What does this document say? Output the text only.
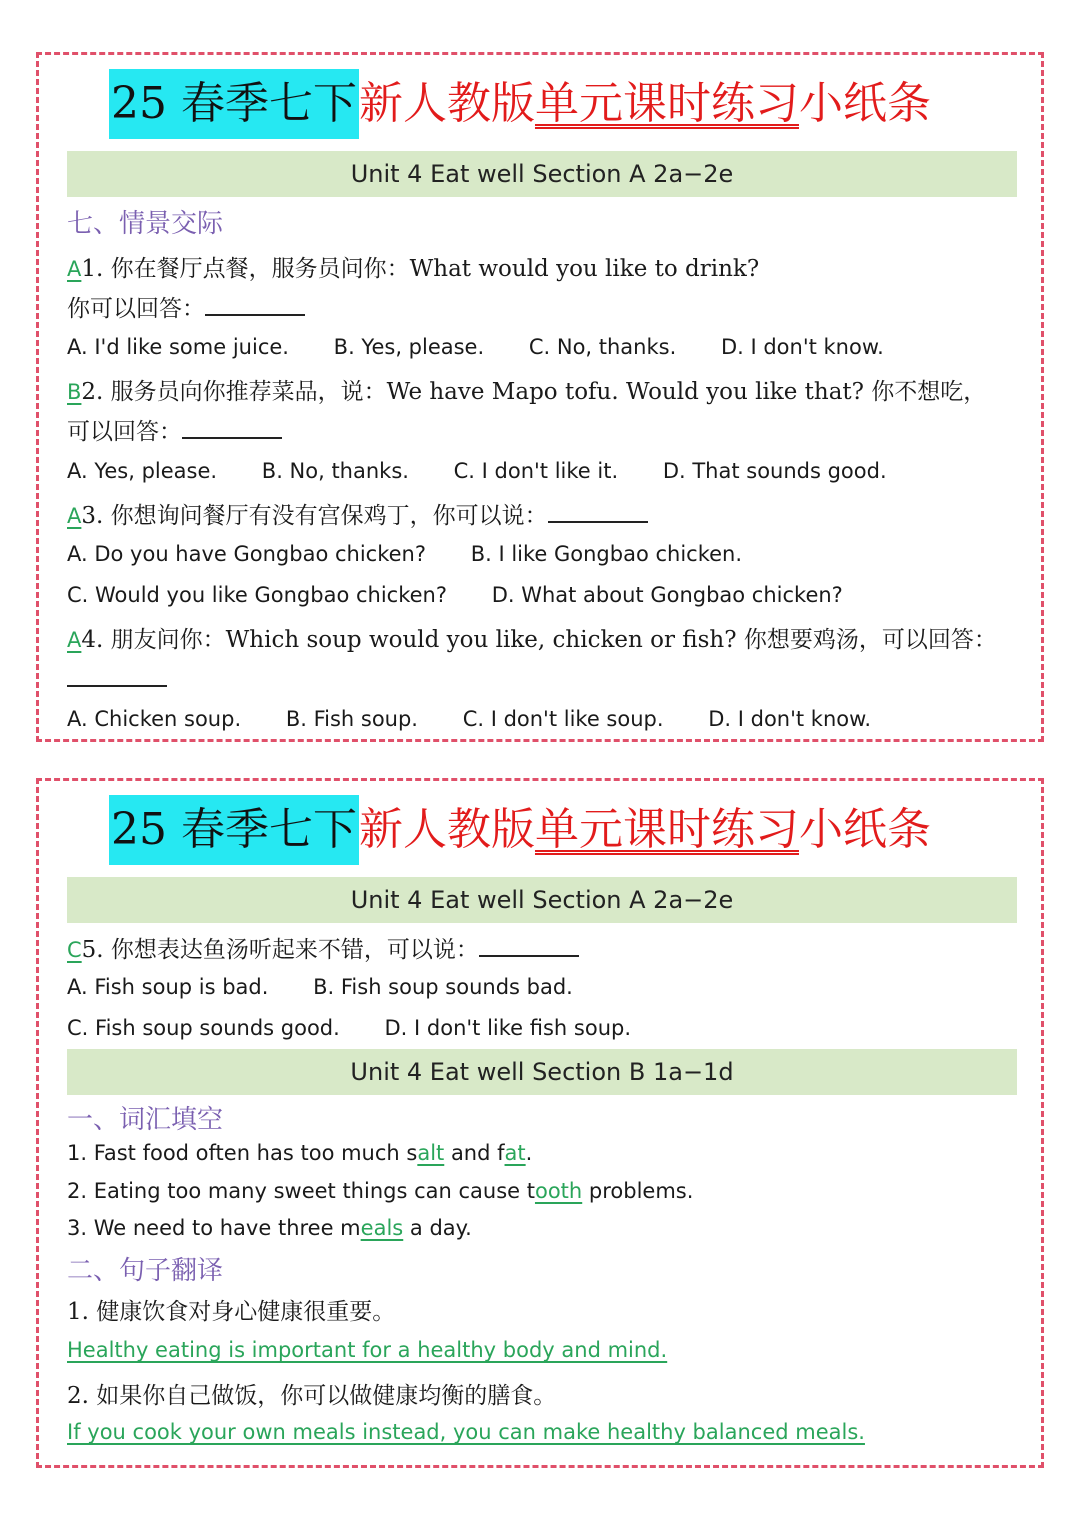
25 春季七下 新人教版单元课时练习小纸条
Unit 4 Eat well Section A 2a−2e
七、情景交际
A1. 你在餐厅点餐，服务员问你：What would you like to drink?
你可以回答：
A. I'd like some juice. B. Yes, please. C. No, thanks. D. I don't know.
B2. 服务员向你推荐菜品，说：We have Mapo tofu. Would you like that? 你不想吃，
可以回答：
A. Yes, please. B. No, thanks. C. I don't like it. D. That sounds good.
A3. 你想询问餐厅有没有宫保鸡丁，你可以说：
A. Do you have Gongbao chicken? B. I like Gongbao chicken.
C. Would you like Gongbao chicken? D. What about Gongbao chicken?
A4. 朋友问你：Which soup would you like, chicken or fish? 你想要鸡汤，可以回答：
A. Chicken soup. B. Fish soup. C. I don't like soup. D. I don't know.
25 春季七下 新人教版单元课时练习小纸条
Unit 4 Eat well Section A 2a−2e
C5. 你想表达鱼汤听起来不错，可以说：
A. Fish soup is bad. B. Fish soup sounds bad.
C. Fish soup sounds good. D. I don't like fish soup.
Unit 4 Eat well Section B 1a−1d
一、词汇填空
1. Fast food often has too much salt and fat.
2. Eating too many sweet things can cause tooth problems.
3. We need to have three meals a day.
二、句子翻译
1. 健康饮食对身心健康很重要。
Healthy eating is important for a healthy body and mind.
2. 如果你自己做饭，你可以做健康均衡的膳食。
If you cook your own meals instead, you can make healthy balanced meals.
